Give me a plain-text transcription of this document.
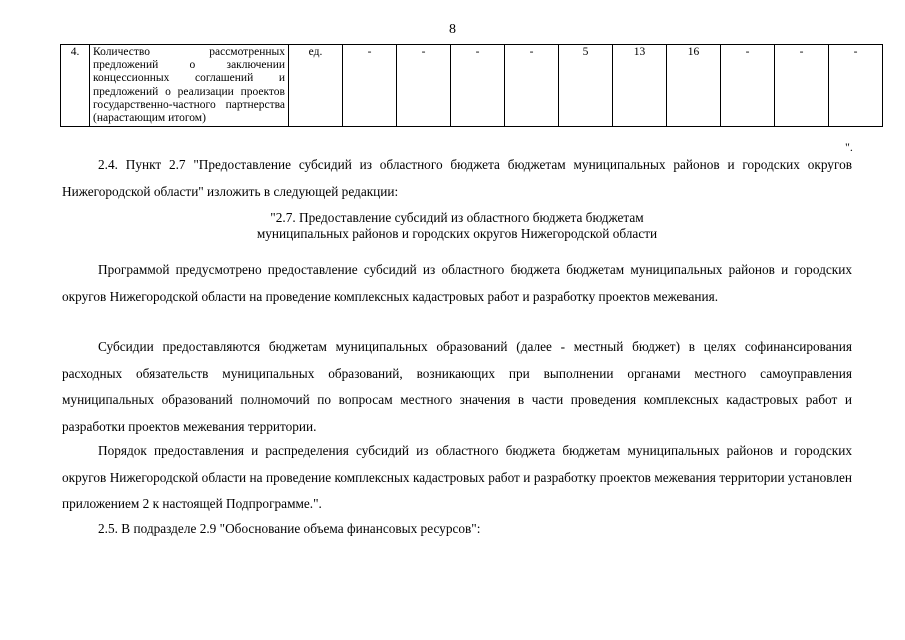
8
4.	Количество рассмотренных предложений о заключении концессионных соглашений и предложений о реализации проектов государственно-частного партнерства (нарастающим итогом)	ед.	-	-	-	-	5	13	16	-	-	-
".

2.4. Пункт 2.7 "Предоставление субсидий из областного бюджета бюджетам муниципальных районов и городских округов Нижегородской области" изложить в следующей редакции:

"2.7. Предоставление субсидий из областного бюджета бюджетам
муниципальных районов и городских округов Нижегородской области

Программой предусмотрено предоставление субсидий из областного бюджета бюджетам муниципальных районов и городских округов Нижегородской области на проведение комплексных кадастровых работ и разработку проектов межевания.

Субсидии предоставляются бюджетам муниципальных образований (далее - местный бюджет) в целях софинансирования расходных обязательств муниципальных образований, возникающих при выполнении органами местного самоуправления муниципальных образований полномочий по вопросам местного значения в части проведения комплексных кадастровых работ и разработки проектов межевания территории.

Порядок предоставления и распределения субсидий из областного бюджета бюджетам муниципальных районов и городских округов Нижегородской области на проведение комплексных кадастровых работ и разработку проектов межевания территории установлен приложением 2 к настоящей Подпрограмме.".

2.5. В подразделе 2.9 "Обоснование объема финансовых ресурсов":
